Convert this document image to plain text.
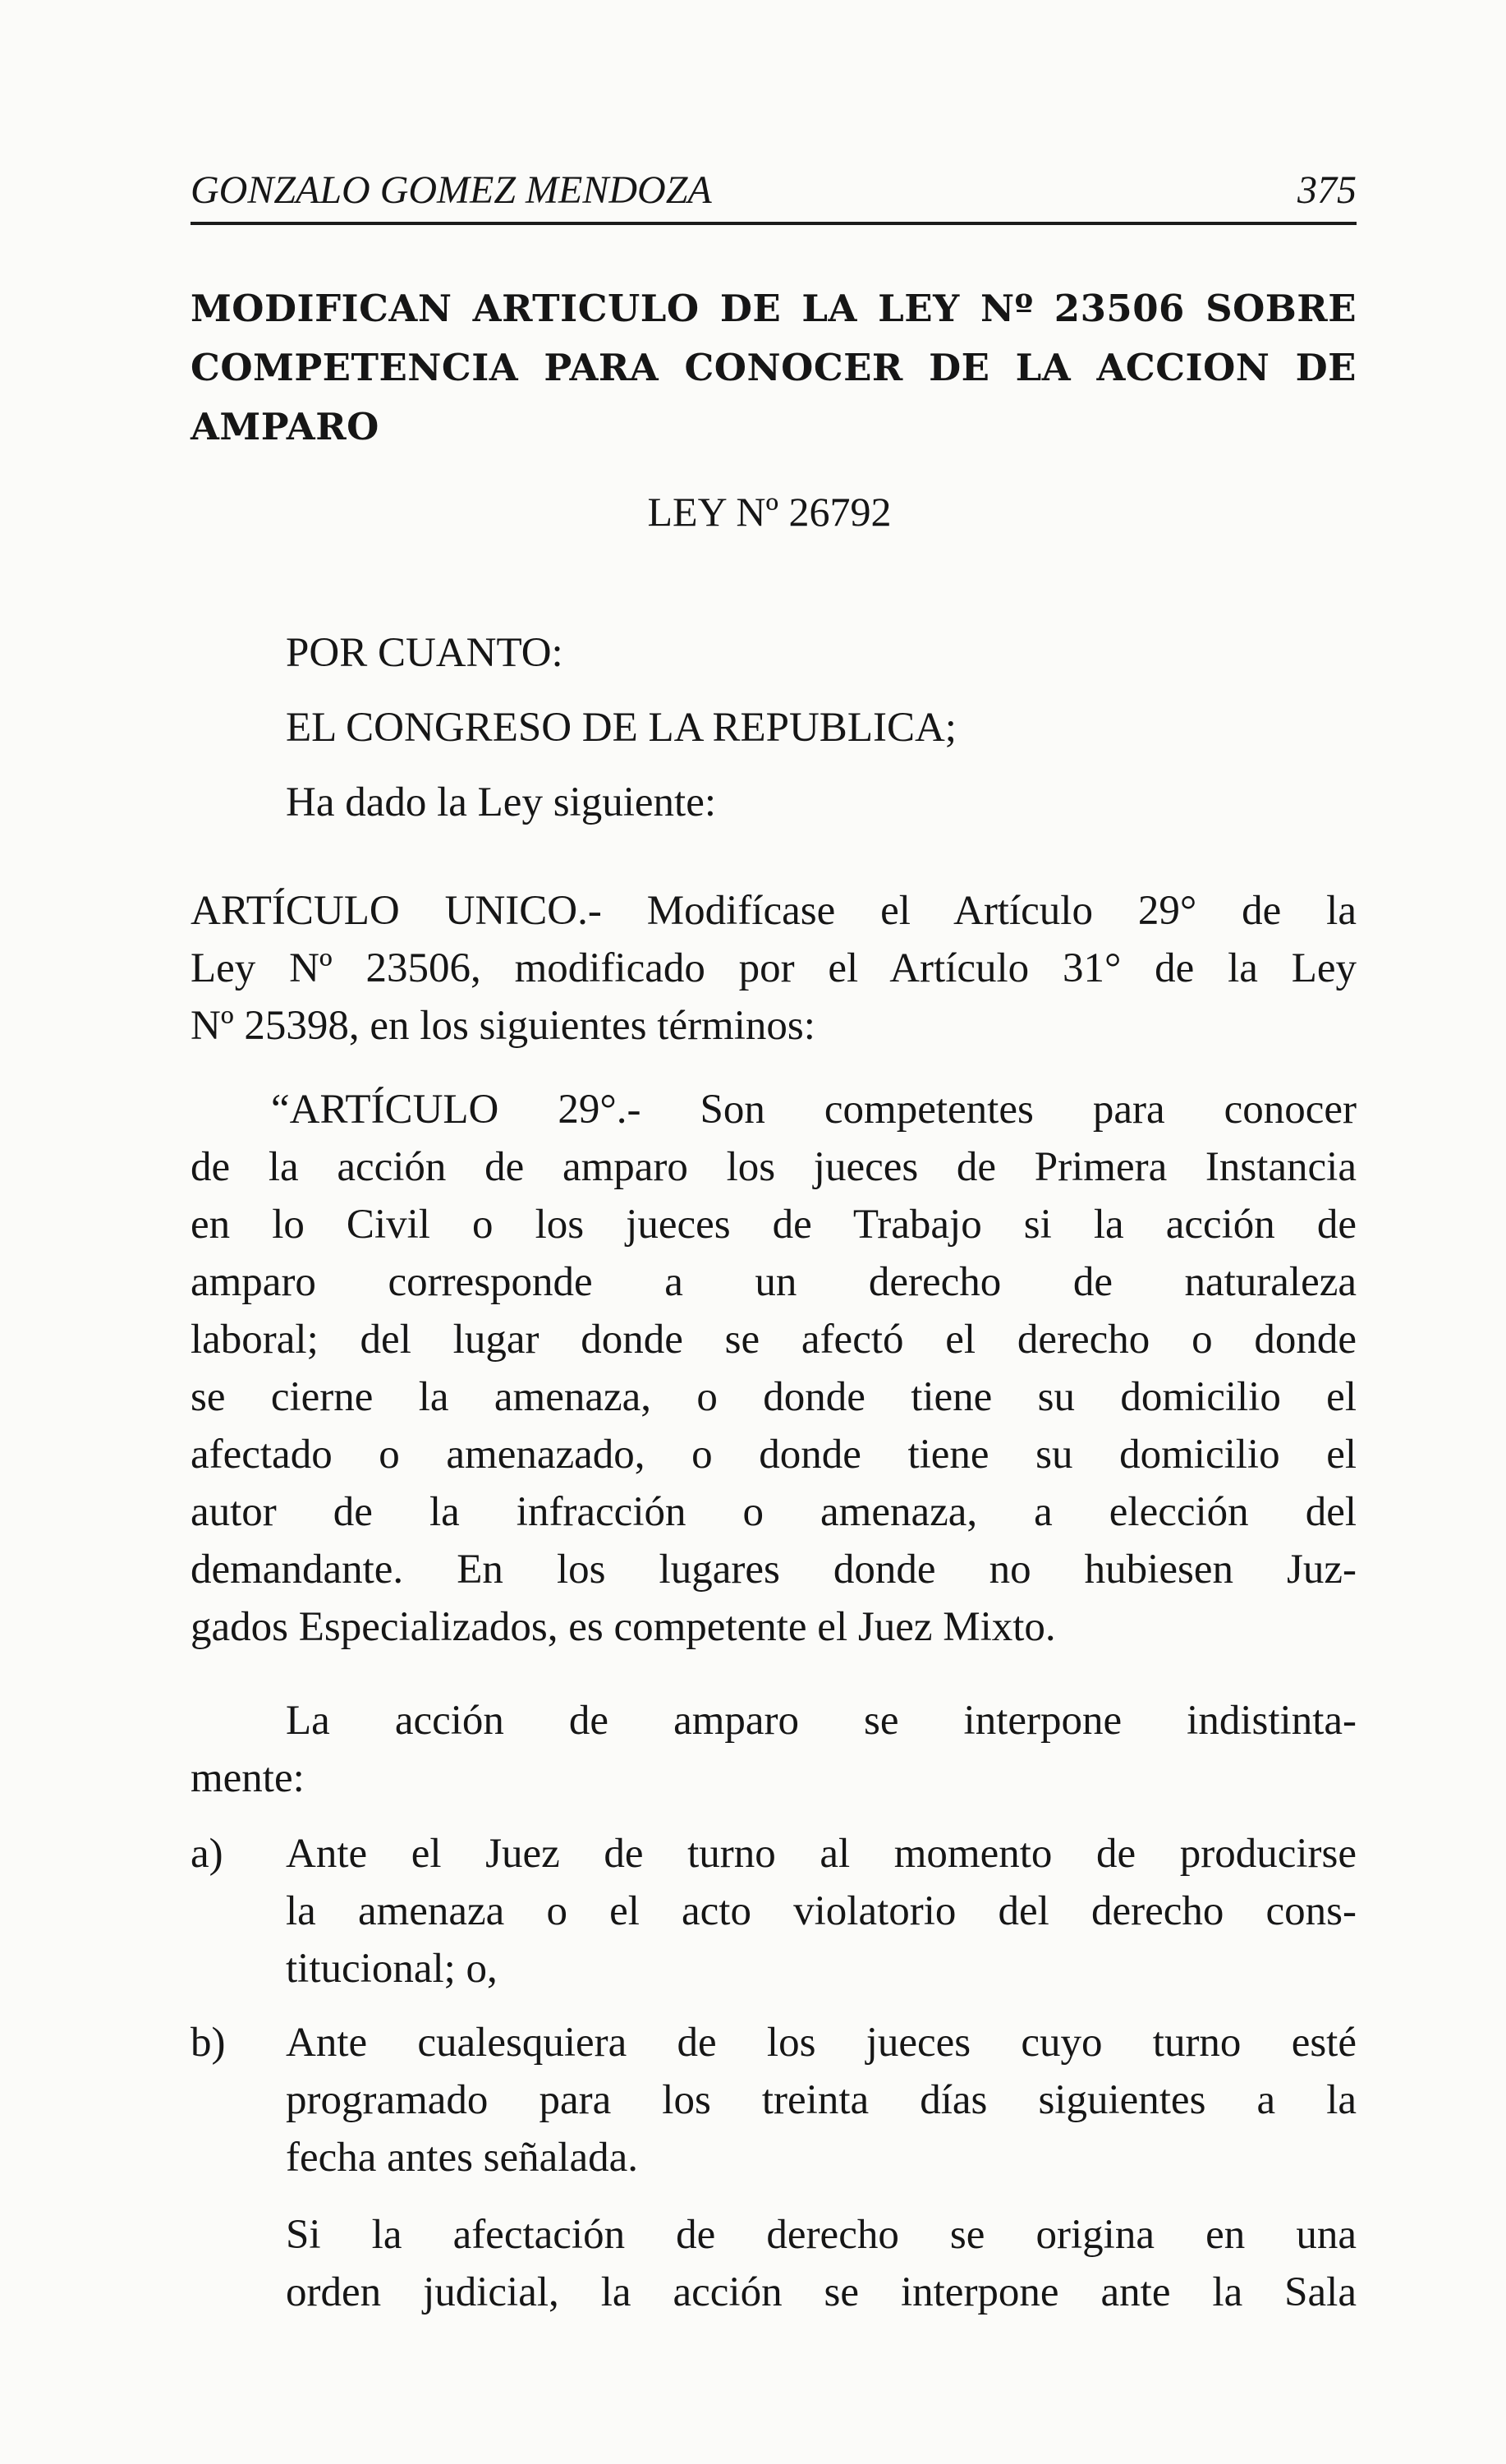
GONZALO GOMEZ MENDOZA	375
MODIFICAN ARTICULO DE LA LEY Nº 23506 SOBRE COMPETENCIA PARA CONOCER DE LA ACCION DE AMPARO
LEY Nº 26792
POR CUANTO:
EL CONGRESO DE LA REPUBLICA;
Ha dado la Ley siguiente:
ARTÍCULO UNICO.- Modifícase el Artículo 29° de la
Ley Nº 23506, modificado por el Artículo 31° de la Ley
Nº 25398, en los siguientes términos:
“ARTÍCULO 29°.- Son competentes para conocer
de la acción de amparo los jueces de Primera Instancia
en lo Civil o los jueces de Trabajo si la acción de
amparo corresponde a un derecho de naturaleza
laboral; del lugar donde se afectó el derecho o donde
se cierne la amenaza, o donde tiene su domicilio el
afectado o amenazado, o donde tiene su domicilio el
autor de la infracción o amenaza, a elección del
demandante. En los lugares donde no hubiesen Juz-
gados Especializados, es competente el Juez Mixto.
La acción de amparo se interpone indistinta-
mente:
a) Ante el Juez de turno al momento de producirse
la amenaza o el acto violatorio del derecho cons-
titucional; o,
b) Ante cualesquiera de los jueces cuyo turno esté
programado para los treinta días siguientes a la
fecha antes señalada.
Si la afectación de derecho se origina en una
orden judicial, la acción se interpone ante la Sala
